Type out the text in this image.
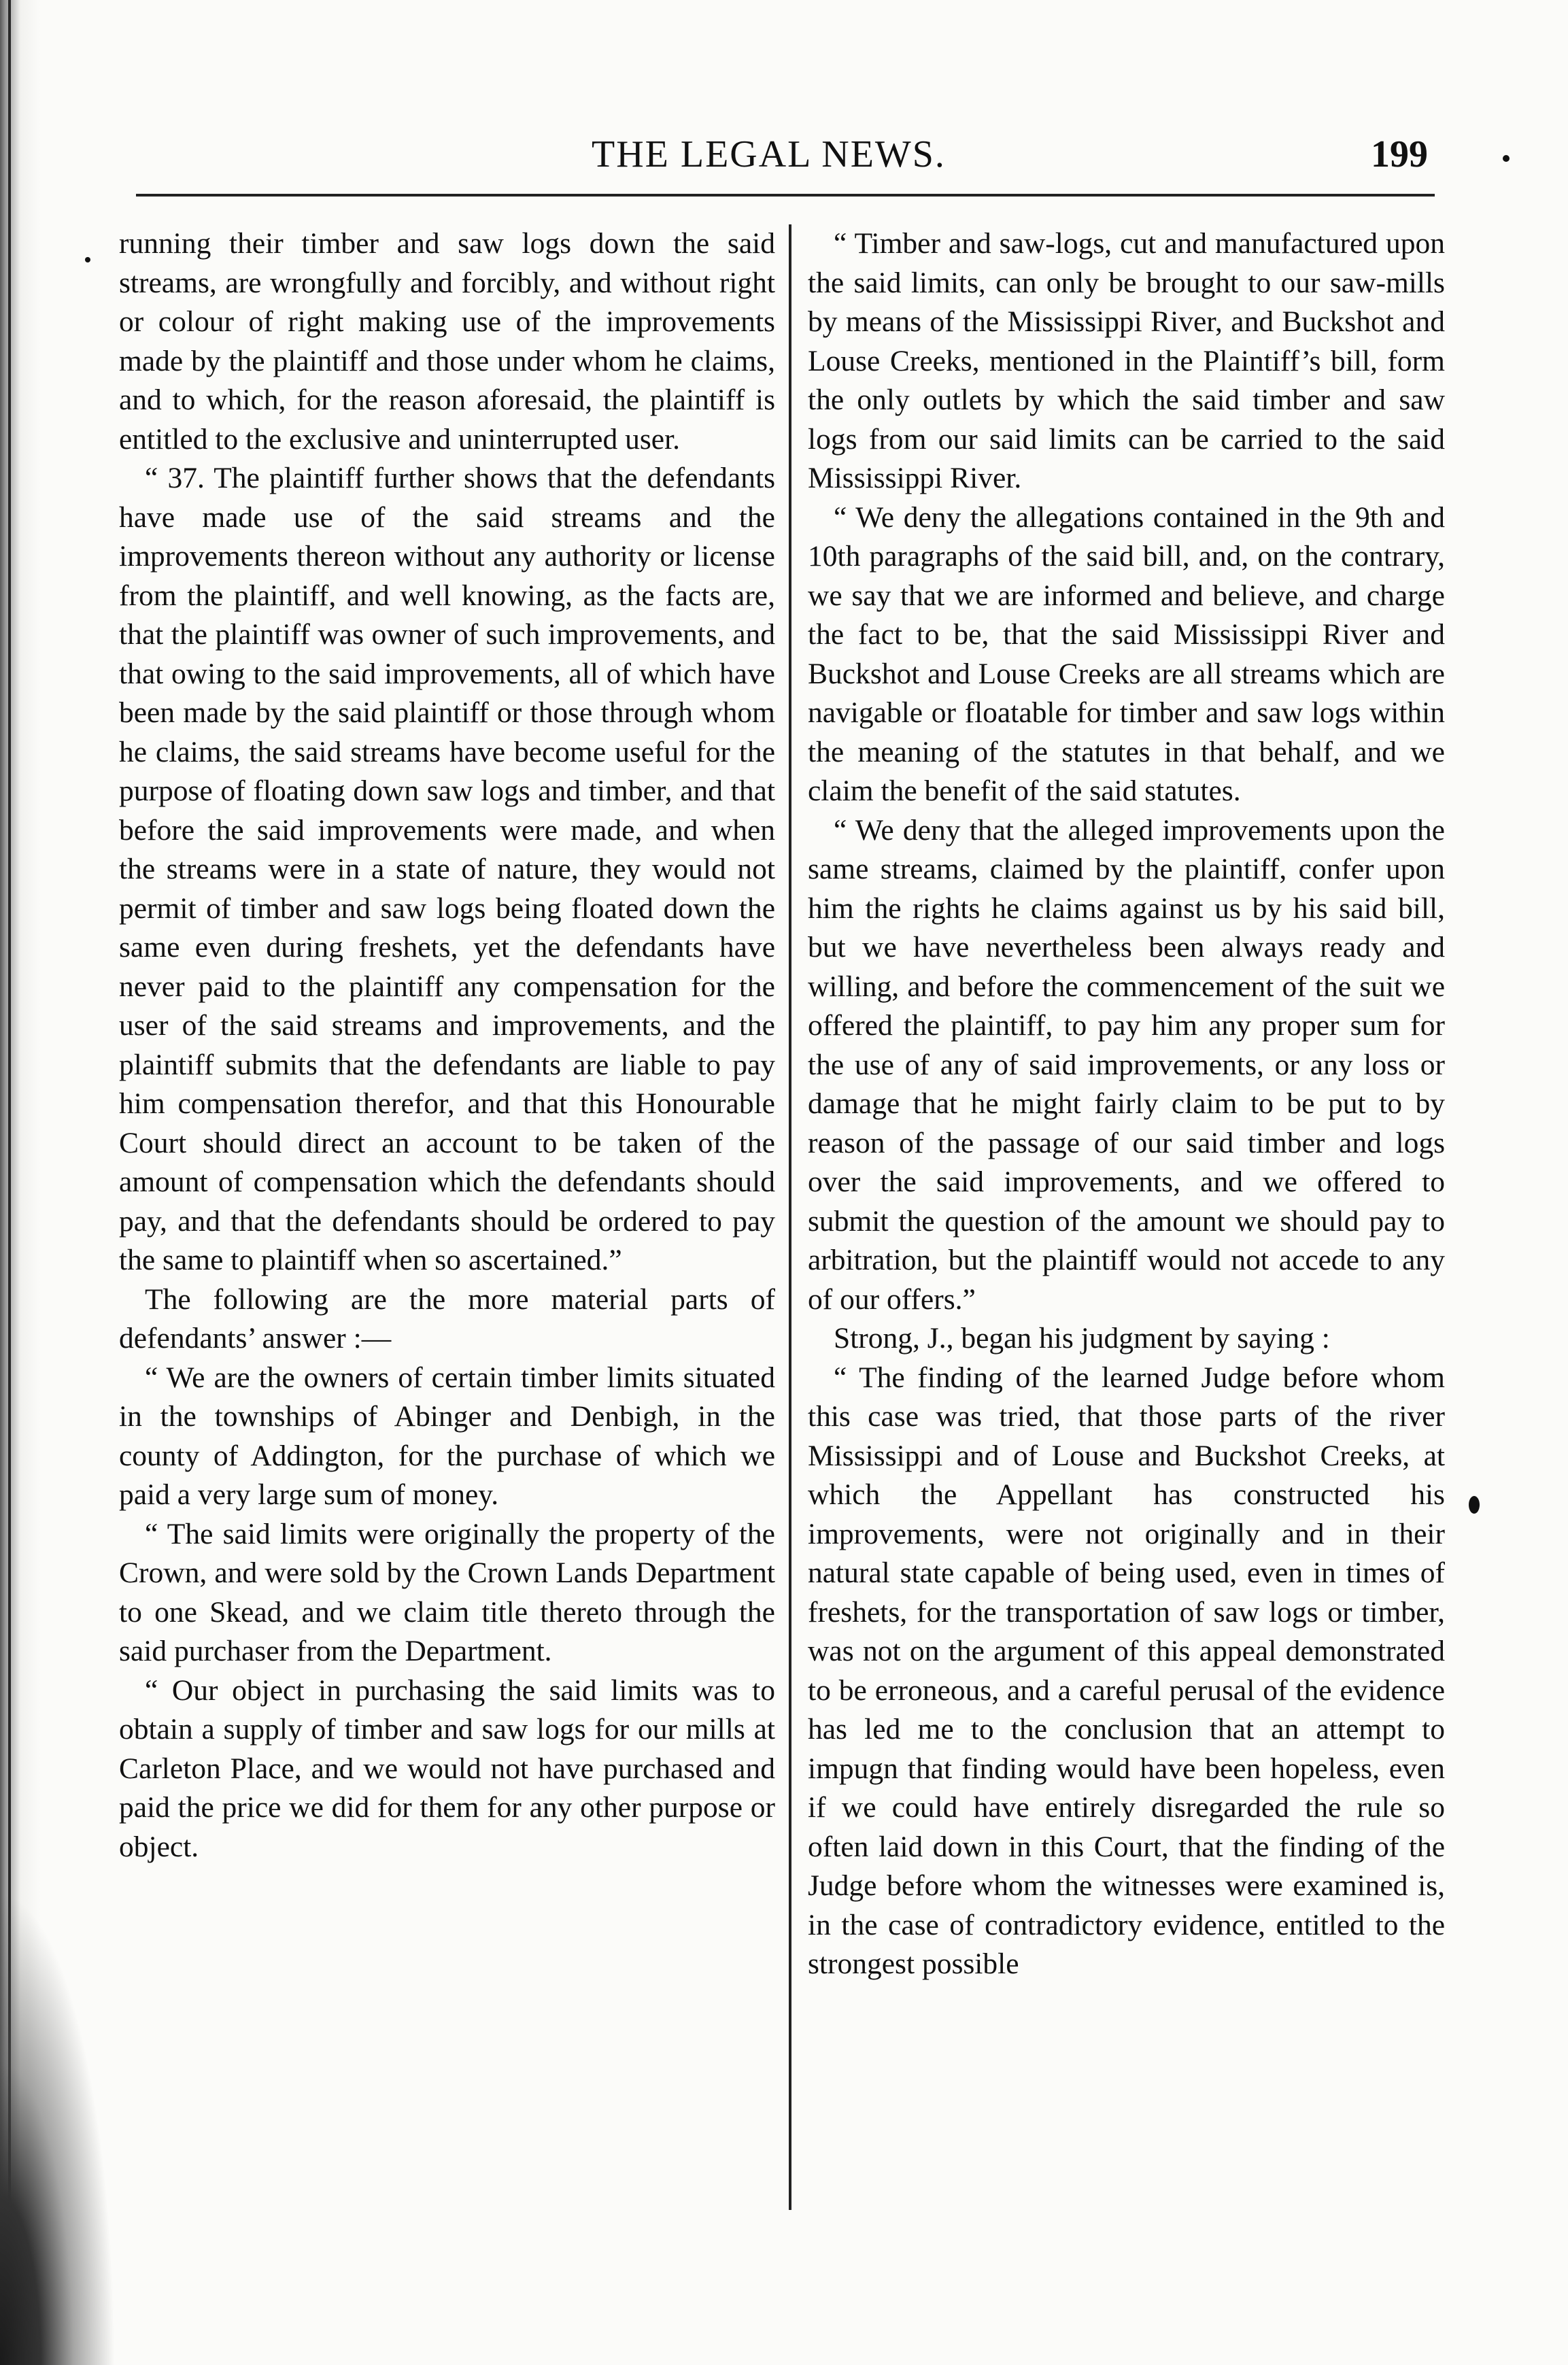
THE LEGAL NEWS.	199

running their timber and saw logs down the said streams, are wrongfully and forcibly, and without right or colour of right making use of the improvements made by the plaintiff and those under whom he claims, and to which, for the reason aforesaid, the plaintiff is entitled to the exclusive and uninterrupted user.

“ 37. The plaintiff further shows that the defendants have made use of the said streams and the improvements thereon without any authority or license from the plaintiff, and well knowing, as the facts are, that the plaintiff was owner of such improvements, and that owing to the said improvements, all of which have been made by the said plaintiff or those through whom he claims, the said streams have become useful for the purpose of floating down saw logs and timber, and that before the said improvements were made, and when the streams were in a state of nature, they would not permit of timber and saw logs being floated down the same even during freshets, yet the defendants have never paid to the plaintiff any compensation for the user of the said streams and improvements, and the plaintiff submits that the defendants are liable to pay him compensation therefor, and that this Honourable Court should direct an account to be taken of the amount of compensation which the defendants should pay, and that the defendants should be ordered to pay the same to plaintiff when so ascertained.”

The following are the more material parts of defendants’ answer :—

“ We are the owners of certain timber limits situated in the townships of Abinger and Denbigh, in the county of Addington, for the purchase of which we paid a very large sum of money.

“ The said limits were originally the property of the Crown, and were sold by the Crown Lands Department to one Skead, and we claim title thereto through the said purchaser from the Department.

“ Our object in purchasing the said limits was to obtain a supply of timber and saw logs for our mills at Carleton Place, and we would not have purchased and paid the price we did for them for any other purpose or object.

“ Timber and saw-logs, cut and manufactured upon the said limits, can only be brought to our saw-mills by means of the Mississippi River, and Buckshot and Louse Creeks, mentioned in the Plaintiff’s bill, form the only outlets by which the said timber and saw logs from our said limits can be carried to the said Mississippi River.

“ We deny the allegations contained in the 9th and 10th paragraphs of the said bill, and, on the contrary, we say that we are informed and believe, and charge the fact to be, that the said Mississippi River and Buckshot and Louse Creeks are all streams which are navigable or floatable for timber and saw logs within the meaning of the statutes in that behalf, and we claim the benefit of the said statutes.

“ We deny that the alleged improvements upon the same streams, claimed by the plaintiff, confer upon him the rights he claims against us by his said bill, but we have nevertheless been always ready and willing, and before the commencement of the suit we offered the plaintiff, to pay him any proper sum for the use of any of said improvements, or any loss or damage that he might fairly claim to be put to by reason of the passage of our said timber and logs over the said improvements, and we offered to submit the question of the amount we should pay to arbitration, but the plaintiff would not accede to any of our offers.”

Strong, J., began his judgment by saying :

“ The finding of the learned Judge before whom this case was tried, that those parts of the river Mississippi and of Louse and Buckshot Creeks, at which the Appellant has constructed his improvements, were not originally and in their natural state capable of being used, even in times of freshets, for the transportation of saw logs or timber, was not on the argument of this appeal demonstrated to be erroneous, and a careful perusal of the evidence has led me to the conclusion that an attempt to impugn that finding would have been hopeless, even if we could have entirely disregarded the rule so often laid down in this Court, that the finding of the Judge before whom the witnesses were examined is, in the case of contradictory evidence, entitled to the strongest possible
